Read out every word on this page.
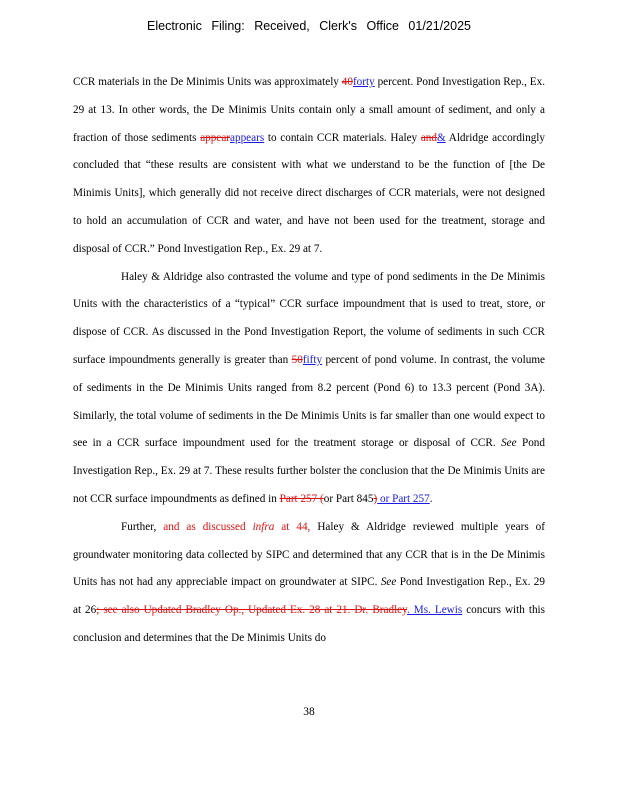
Electronic Filing: Received, Clerk's Office 01/21/2025

CCR materials in the De Minimis Units was approximately 40forty percent. Pond Investigation Rep., Ex. 29 at 13. In other words, the De Minimis Units contain only a small amount of sediment, and only a fraction of those sediments appearappears to contain CCR materials. Haley and& Aldridge accordingly concluded that “these results are consistent with what we understand to be the function of [the De Minimis Units], which generally did not receive direct discharges of CCR materials, were not designed to hold an accumulation of CCR and water, and have not been used for the treatment, storage and disposal of CCR.” Pond Investigation Rep., Ex. 29 at 7.

Haley & Aldridge also contrasted the volume and type of pond sediments in the De Minimis Units with the characteristics of a “typical” CCR surface impoundment that is used to treat, store, or dispose of CCR. As discussed in the Pond Investigation Report, the volume of sediments in such CCR surface impoundments generally is greater than 50fifty percent of pond volume. In contrast, the volume of sediments in the De Minimis Units ranged from 8.2 percent (Pond 6) to 13.3 percent (Pond 3A). Similarly, the total volume of sediments in the De Minimis Units is far smaller than one would expect to see in a CCR surface impoundment used for the treatment storage or disposal of CCR. See Pond Investigation Rep., Ex. 29 at 7. These results further bolster the conclusion that the De Minimis Units are not CCR surface impoundments as defined in Part 257 (or Part 845) or Part 257.

Further, and as discussed infra at 44, Haley & Aldridge reviewed multiple years of groundwater monitoring data collected by SIPC and determined that any CCR that is in the De Minimis Units has not had any appreciable impact on groundwater at SIPC. See Pond Investigation Rep., Ex. 29 at 26; see also Updated Bradley Op., Updated Ex. 28 at 21. Dr. Bradley. Ms. Lewis concurs with this conclusion and determines that the De Minimis Units do

38
